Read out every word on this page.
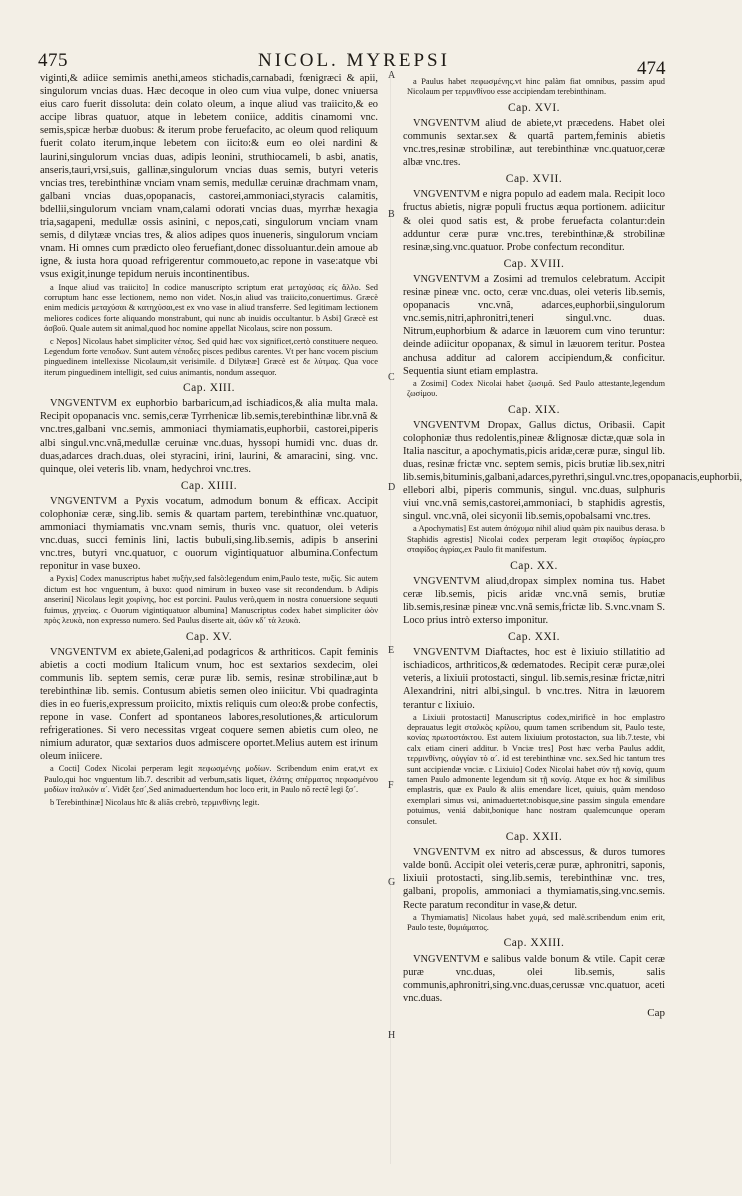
475	NICOL. MYREPSI	474
A
B
C
D
E
F
G
H

viginti,& adiice semimis anethi,ameos stichadis,carnabadi, fœnigræci & apii, singulorum vncias duas. Hæc decoque in oleo cum viua vulpe, donec vniuersa eius caro fuerit dissoluta: dein colato oleum, a inque aliud vas traiicito,& eo accipe libras quatuor, atque in lebetem coniice, additis cinamomi vnc. semis,spicæ herbæ duobus: & iterum probe feruefacito, ac oleum quod reliquum fuerit colato iterum,inque lebetem con iicito:& eum eo olei nardini & laurini,singulorum vncias duas, adipis leonini, struthiocameli, b asbi, anatis, anseris,tauri,vrsi,suis, gallinæ,singulorum vncias duas semis, butyri veteris vncias tres, terebinthinæ vnciam vnam semis, medullæ ceruinæ drachmam vnam, galbani vncias duas,opopanacis, castorei,ammoniaci,styracis calamitis, bdellii,singulorum vnciam vnam,calami odorati vncias duas, myrrhæ hexagia tria,sagapeni, medullæ ossis asinini, c nepos,cati, singulorum vnciam vnam semis, d dilytææ vncias tres, & alios adipes quos inueneris, singulorum vnciam vnam. Hi omnes cum prædicto oleo feruefiant,donec dissoluantur.dein amoue ab igne, & iusta hora quoad refrigerentur commoueto,ac repone in vase:atque vbi vsus exigit,inunge tepidum neruis incontinentibus.

a Inque aliud vas traiicito] In codice manuscripto scriptum erat μεταχύσας εἰς ἄλλο. Sed corruptum hanc esse lectionem, nemo non videt. Nos,in aliud vas traiicito,conuertimus. Græcè enim medicis μεταχύσαι & κατηχύσαι,est ex vno vase in aliud transferre. Sed legitimam lectionem meliores codices forte aliquando monstrabunt, qui nunc ab inuidis occultantur. b Asbi] Græcè est ἀσβοῦ. Quale autem sit animal,quod hoc nomine appellat Nicolaus, scire non possum.

c Nepos] Nicolaus habet simpliciter νέπος. Sed quid hæc vox significet,certò constituere nequeo. Legendum forte νεποδων. Sunt autem νέποδες pisces pedibus carentes. Vt per hanc vocem piscium pinguedinem intellexisse Nicolaum,sit verisimile. d Dilytææ] Græcè est δε λύτμας. Qua voce iterum pinguedinem intelligit, sed cuius animantis, nondum assequor.

Cap. XIII.

VNGVENTVM ex euphorbio barbaricum,ad ischiadicos,& alia multa mala. Recipit opopanacis vnc. semis,ceræ Tyrrhenicæ lib.semis,terebinthinæ libr.vnã & vnc.tres,galbani vnc.semis, ammoniaci thymiamatis,euphorbii, castorei,piperis albi singul.vnc.vnã,medullæ ceruinæ vnc.duas, hyssopi humidi vnc. duas dr. duas,adarces drach.duas, olei styracini, irini, laurini, & amaracini, sing. vnc. quinque, olei veteris lib. vnam, hedychroi vnc.tres.

Cap. XIIII.

VNGVENTVM a Pyxis vocatum, admodum bonum & efficax. Accipit colophoniæ ceræ, sing.lib. semis & quartam partem, terebinthinæ vnc.quatuor, ammoniaci thymiamatis vnc.vnam semis, thuris vnc. quatuor, olei veteris vnc.duas, succi feminis lini, lactis bubuli,sing.lib.semis, adipis b anserini vnc.tres, butyri vnc.quatuor, c ouorum vigintiquatuor albumina.Confectum reponitur in vase buxeo.

a Pyxis] Codex manuscriptus habet πυξὴν,sed falsò:legendum enim,Paulo teste, πυξὶς. Sic autem dictum est hoc vnguentum, à buxo: quod nimirum in buxeo vase sit recondendum. b Adipis anserini] Nicolaus legit χοιρίνης, hoc est porcini. Paulus verò,quem in nostra conuersione sequuti fuimus, χηνείας. c Ouorum vigintiquatuor albumina] Manuscriptus codex habet simpliciter ὠὸν πρὸς λευκὰ, non expresso numero. Sed Paulus diserte ait, ὠῶν κδ´ τὰ λευκὰ.

Cap. XV.

VNGVENTVM ex abiete,Galeni,ad podagricos & arthriticos. Capit feminis abietis a cocti modium Italicum vnum, hoc est sextarios sexdecim, olei communis lib. septem semis, ceræ puræ lib. semis, resinæ strobilinæ,aut b terebinthinæ lib. semis. Contusum abietis semen oleo iniicitur. Vbi quadraginta dies in eo fueris,expressum proiicito, mixtis reliquis cum oleo:& probe confectis, repone in vase. Confert ad spontaneos labores,resolutiones,& articulorum refrigerationes. Si vero necessitas vrgeat coquere semen abietis cum oleo, ne nimium adurator, quæ sextarios duos admiscere oportet.Melius autem est irinum oleum iniicere.

a Cocti] Codex Nicolai perperam legit πεφωσμένης μοδίων. Scribendum enim erat,vt ex Paulo,qui hoc vnguentum lib.7. describit ad verbum,satis liquet, ἐλάτης σπέρματος πεφωσμένου μοδίων ἰταλικόν α´. Vidēt ξεσ´,Sed animaduertendum hoc loco erit, in Paulo nō rectē legi ξσ´.

b Terebinthinæ] Nicolaus hīc & aliās crebrò, τερμινθίνης legit.

a Paulus habet πεφωσμένης.vt hinc palàm fiat omnibus, passim apud Nicolaum per τερμινθίνου esse accipiendam terebinthinam.

Cap. XVI.

VNGVENTVM aliud de abiete,vt præcedens. Habet olei communis sextar.sex & quartã partem,feminis abietis vnc.tres,resinæ strobilinæ, aut terebinthinæ vnc.quatuor,ceræ albæ vnc.tres.

Cap. XVII.

VNGVENTVM e nigra populo ad eadem mala. Recipit loco fructus abietis, nigræ populi fructus æqua portionem. adiicitur & olei quod satis est, & probe feruefacta colantur:dein adduntur ceræ puræ vnc.tres, terebinthinæ,& strobilinæ resinæ,sing.vnc.quatuor. Probe confectum reconditur.

Cap. XVIII.

VNGVENTVM a Zosimi ad tremulos celebratum. Accipit resinæ pineæ vnc. octo, ceræ vnc.duas, olei veteris lib.semis, opopanacis vnc.vnã, adarces,euphorbii,singulorum vnc.semis,nitri,aphronitri,teneri singul.vnc. duas. Nitrum,euphorbium & adarce in læuorem cum vino teruntur: deinde adiicitur opopanax, & simul in læuorem teritur. Postea anchusa additur ad calorem accipiendum,& conficitur. Sequentia siunt etiam emplastra.

a Zosimi] Codex Nicolai habet ζωσιμᾶ. Sed Paulo attestante,legendum ζωσίμου.

Cap. XIX.

VNGVENTVM Dropax, Gallus dictus, Oribasii. Capit colophoniæ thus redolentis,pineæ &lignosæ dictæ,quæ sola in Italia nascitur, a apochymatis,picis aridæ,ceræ puræ, singul lib. duas, resinæ frictæ vnc. septem semis, picis brutiæ lib.sex,nitri lib.semis,bituminis,galbani,adarces,pyrethri,singul.vnc.tres,opopanacis,euphorbii, ellebori albi, piperis communis, singul. vnc.duas, sulphuris viui vnc.vnã semis,castorei,ammoniaci, b staphidis agrestis, singul. vnc.vnã, olei sicyonii lib.semis,opobalsami vnc.tres.

a Apochymatis] Est autem ἀπόχυμα nihil aliud quàm pix nauibus derasa. b Staphidis agrestis] Nicolai codex perperam legit σταφίδος ἀγρίας,pro σταφίδος ἀγρίας,ex Paulo fit manifestum.

Cap. XX.

VNGVENTVM aliud,dropax simplex nomina tus. Habet ceræ lib.semis, picis aridæ vnc.vnã semis, brutiæ lib.semis,resinæ pineæ vnc.vnã semis,frictæ lib. S.vnc.vnam S. Loco prius intrò exterso imponitur.

Cap. XXI.

VNGVENTVM Diaftactes, hoc est è lixiuio stillatitio ad ischiadicos, arthriticos,& œdematodes. Recipit ceræ puræ,olei veteris, a lixiuii protostacti, singul. lib.semis,resinæ frictæ,nitri Alexandrini, nitri albi,singul. b vnc.tres. Nitra in læuorem terantur c lixiuio.

a Lixiuii protostacti] Manuscriptus codex,mirificè in hoc emplastro deprauatus legit σταλκὸς κρίλου, quum tamen scribendum sit, Paulo teste, κονίας πρωτοστάκτου. Est autem lixiuium protostacton, sua lib.7.teste, vbi calx etiam cineri additur. b Vnciæ tres] Post hæc verba Paulus addit, τερμινθίνης, οὐγγίαν τὸ α´. id est terebinthinæ vnc. sex.Sed hic tantum tres sunt accipiendæ vnciæ. c Lixiuio] Codex Nicolai habet σύν τῇ κονίᾳ, quum tamen Paulo admonente legendum sit τῇ κονίᾳ. Atque ex hoc & similibus emplastris, quæ ex Paulo & aliis emendare licet, quiuis, quàm mendoso exemplari simus vsi, animaduertet:nobisque,sine passim singula emendare potuimus, veniá dabit,bonique hanc nostram qualemcunque operam consulet.

Cap. XXII.

VNGVENTVM ex nitro ad abscessus, & duros tumores valde bonū. Accipit olei veteris,ceræ puræ, aphronitri, saponis, lixiuii protostacti, sing.lib.semis, terebinthinæ vnc. tres, galbani, propolis, ammoniaci a thymiamatis,sing.vnc.semis. Recte paratum reconditur in vase,& detur.

a Thymiamatis] Nicolaus habet χυμά, sed malè.scribendum enim erit, Paulo teste, θυμιάματος.

Cap. XXIII.

VNGVENTVM e salibus valde bonum & vtile. Capit ceræ puræ vnc.duas, olei lib.semis, salis communis,aphronitri,sing.vnc.duas,cerussæ vnc.quatuor, aceti vnc.duas.

Cap
